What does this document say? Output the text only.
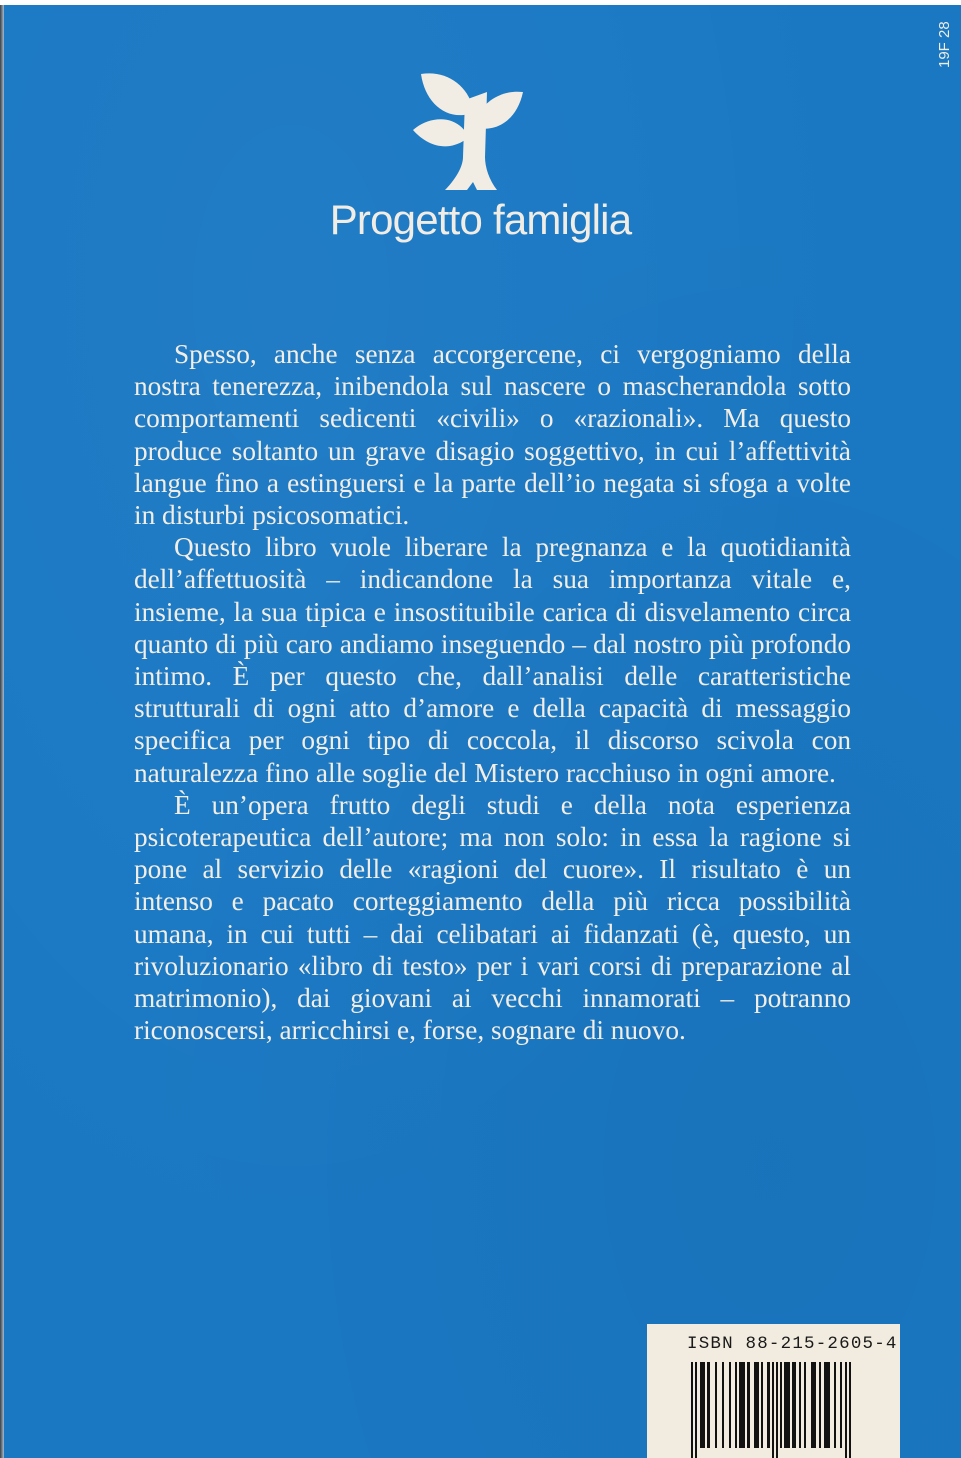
19F 28
Progetto famiglia

Spesso, anche senza accorgercene, ci vergogniamo della nostra tenerezza, inibendola sul nascere o mascherandola sotto comportamenti sedicenti «civili» o «razionali». Ma questo produce soltanto un grave disagio soggettivo, in cui l’affettività langue fino a estinguersi e la parte dell’io negata si sfoga a volte in disturbi psicosomatici.

Questo libro vuole liberare la pregnanza e la quotidianità dell’affettuosità – indicandone la sua importanza vitale e, insieme, la sua tipica e insostituibile carica di disvelamento circa quanto di più caro andiamo inseguendo – dal nostro più profondo intimo. È per questo che, dall’analisi delle caratteristiche strutturali di ogni atto d’amore e della capacità di messaggio specifica per ogni tipo di coccola, il discorso scivola con naturalezza fino alle soglie del Mistero racchiuso in ogni amore.

È un’opera frutto degli studi e della nota esperienza psicoterapeutica dell’autore; ma non solo: in essa la ragione si pone al servizio delle «ragioni del cuore». Il risultato è un intenso e pacato corteggiamento della più ricca possibilità umana, in cui tutti – dai celibatari ai fidanzati (è, questo, un rivoluzionario «libro di testo» per i vari corsi di preparazione al matrimonio), dai giovani ai vecchi innamorati – potranno riconoscersi, arricchirsi e, forse, sognare di nuovo.

ISBN 88-215-2605-4
